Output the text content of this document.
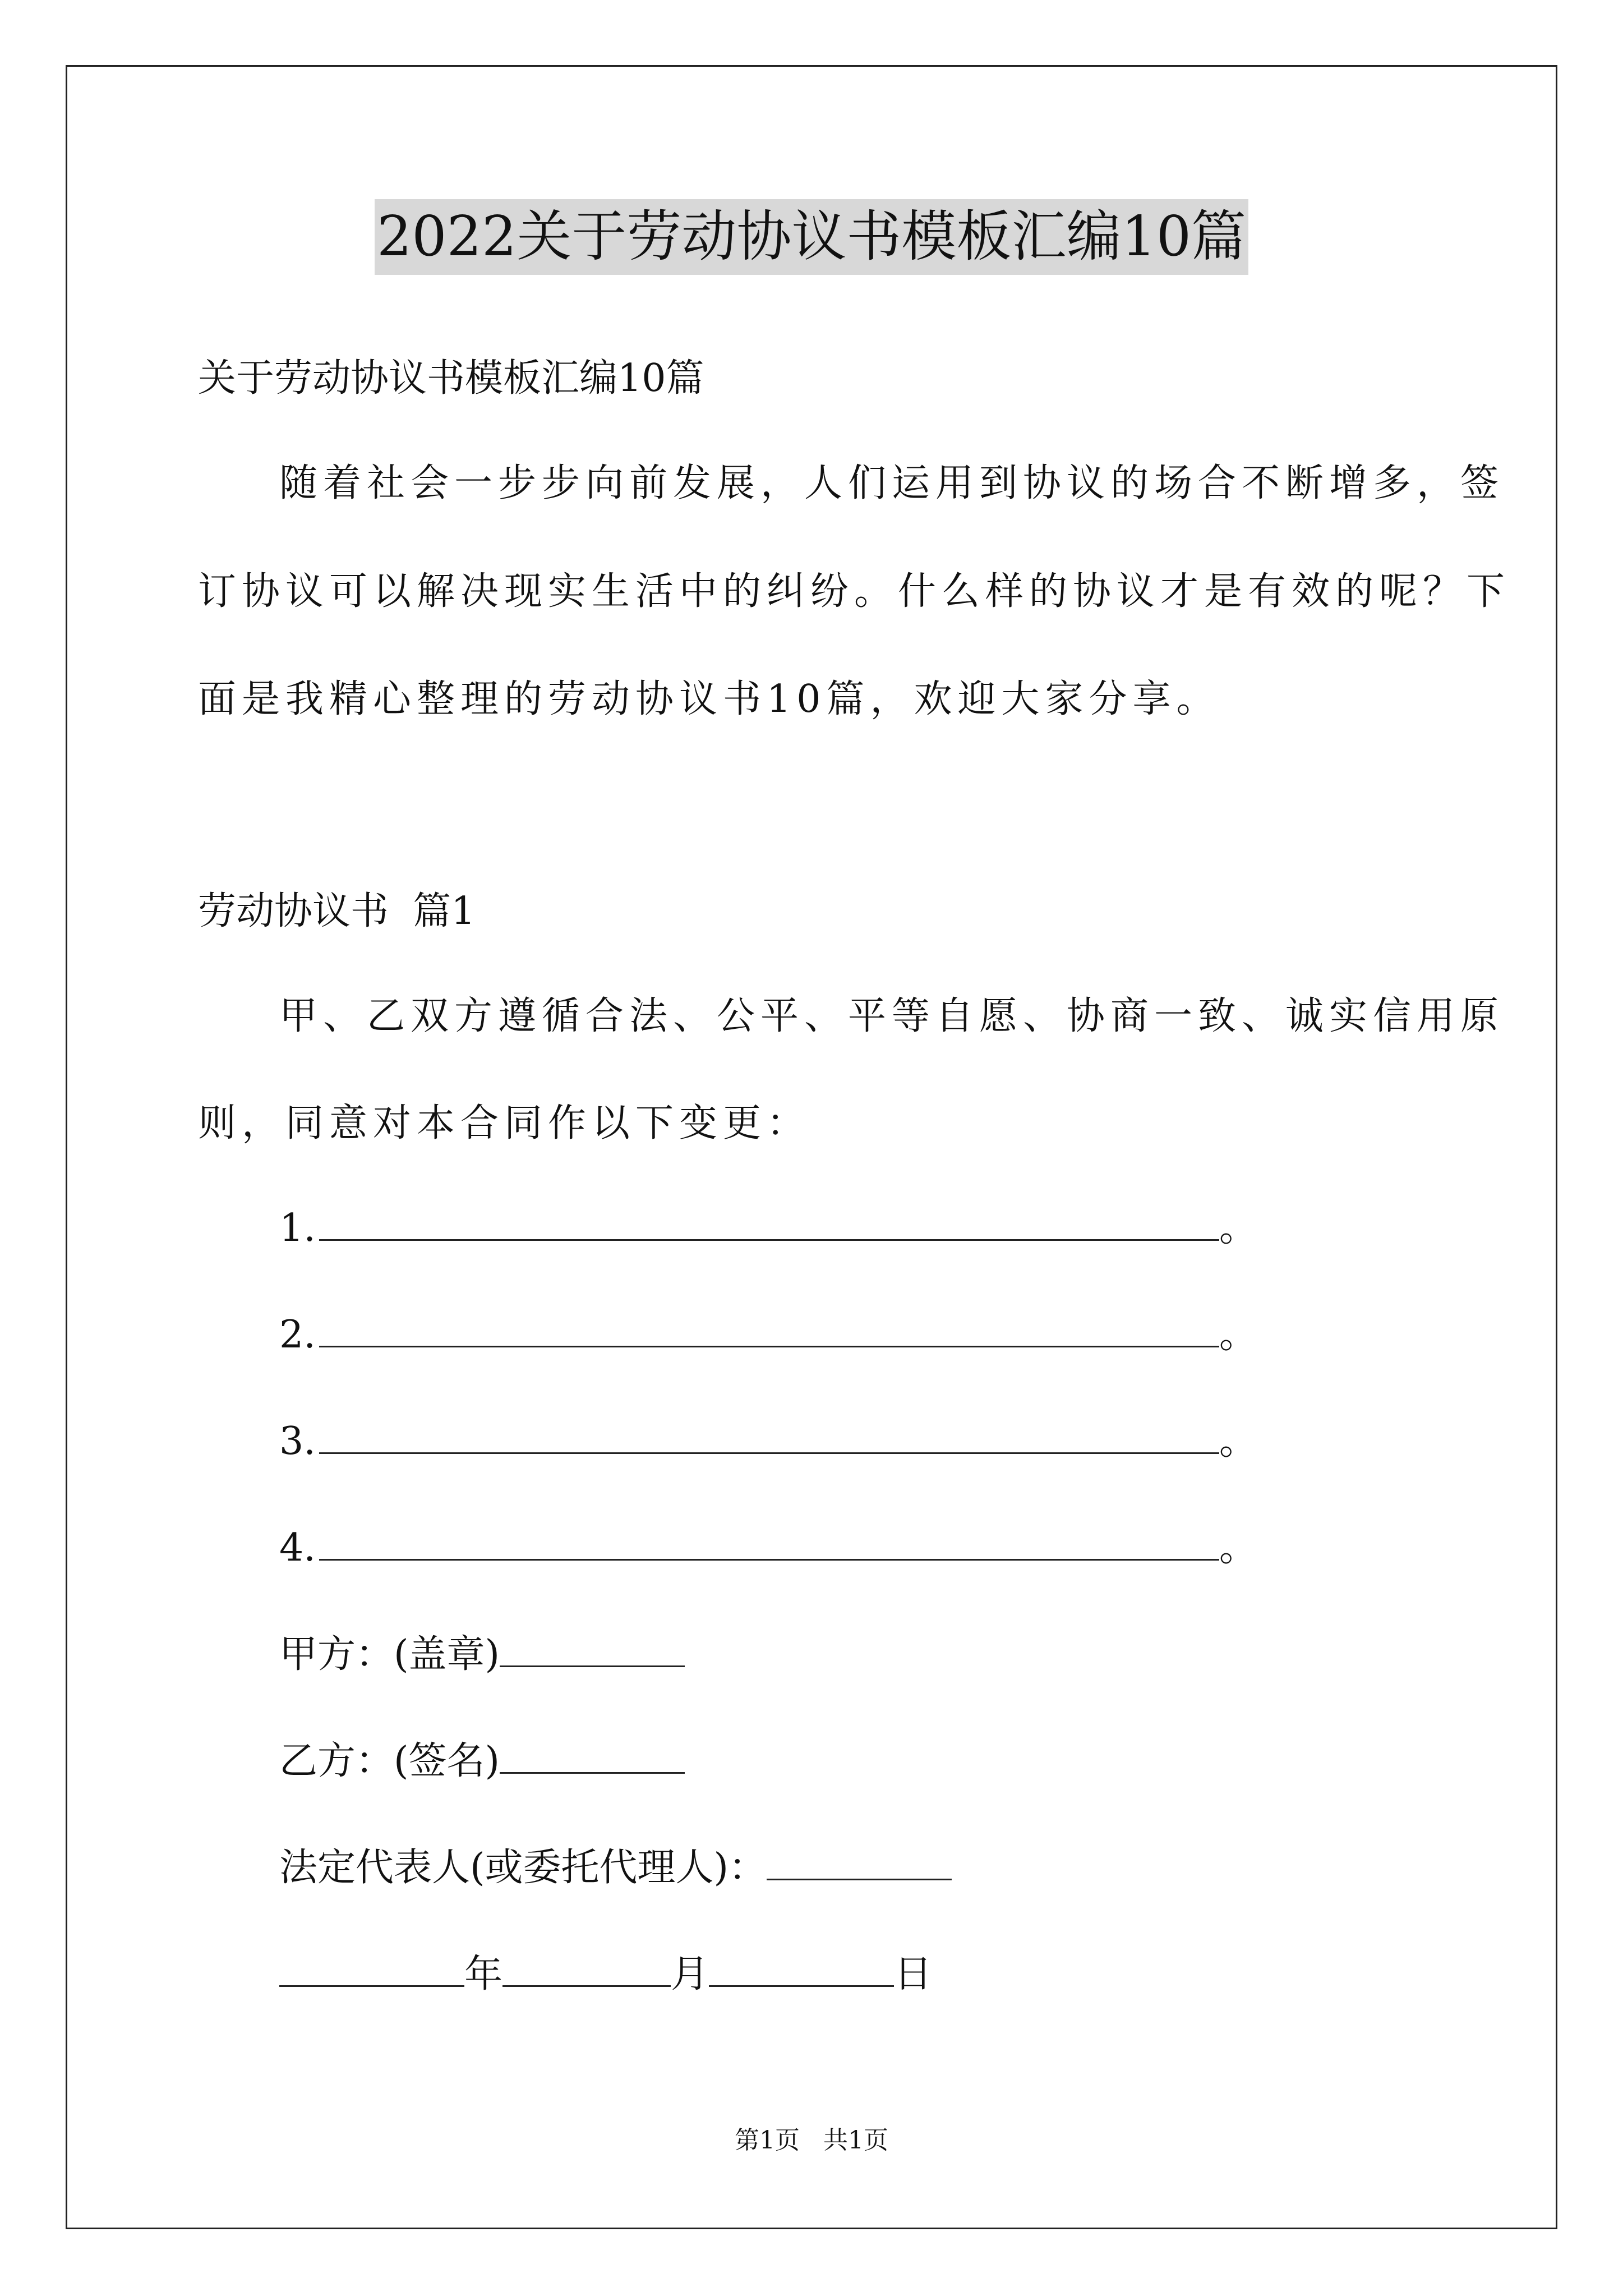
2022关于劳动协议书模板汇编10篇
关于劳动协议书模板汇编10篇
随着社会一步步向前发展，人们运用到协议的场合不断增多，签
订协议可以解决现实生活中的纠纷。什么样的协议才是有效的呢？下
面是我精心整理的劳动协议书10篇，欢迎大家分享。
劳动协议书  篇1
甲、乙双方遵循合法、公平、平等自愿、协商一致、诚实信用原
则，同意对本合同作以下变更：
1.	。
2.	。
3.	。
4.	。
甲方：(盖章)
乙方：(签名)
法定代表人(或委托代理人)：
年	月	日
第1页   共1页
